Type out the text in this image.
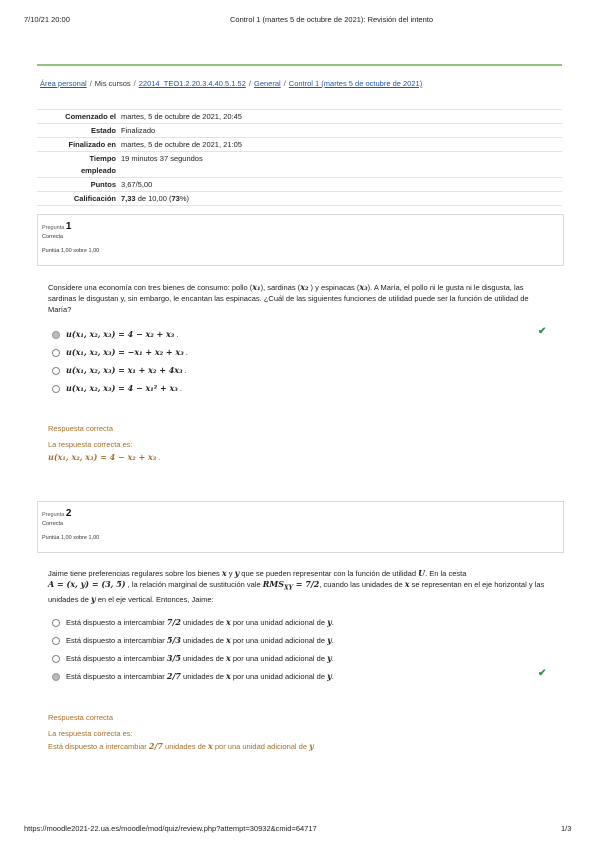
7/10/21 20:00	Control 1 (martes 5 de octubre de 2021): Revisión del intento
Área personal / Mis cursos / 22014_TEO1.2.20.3.4.40.5.1.52 / General / Control 1 (martes 5 de octubre de 2021)
Comenzado el martes, 5 de octubre de 2021, 20:45
Estado Finalizado
Finalizado en martes, 5 de octubre de 2021, 21:05
Tiempo
empleado
19 minutos 37 segundos
Puntos 3,67/5,00
Calificación 7,33 de 10,00 (73%)
Pregunta 1
Correcta
Puntúa 1,00 sobre 1,00
Considere una economía con tres bienes de consumo: pollo (x₁), sardinas (x₂ ) y espinacas (x₃). A María, el pollo ni le gusta ni le disgusta, las sardinas le disgustan y, sin embargo, le encantan las espinacas. ¿Cuál de las siguientes funciones de utilidad puede ser la función de utilidad de María?
u(x₁, x₂, x₃) = 4 − x₂ + x₃ .	✔
u(x₁, x₂, x₃) = −x₁ + x₂ + x₃ .
u(x₁, x₂, x₃) = x₁ + x₂ + 4x₃ .
u(x₁, x₂, x₃) = 4 − x₁² + x₃ .
Respuesta correcta
La respuesta correcta es:
u(x₁, x₂, x₃) = 4 − x₂ + x₃ .
Pregunta 2
Correcta
Puntúa 1,00 sobre 1,00
Jaime tiene preferencias regulares sobre los bienes x y y que se pueden representar con la función de utilidad U. En la cesta
A = (x, y) = (3, 5) , la relación marginal de sustitución vale $RMS_{XY} = 7/2$, cuando las unidades de x se representan en el eje horizontal y las unidades de y en el eje vertical. Entonces, Jaime:
Está dispuesto a intercambiar 7/2 unidades de x por una unidad adicional de y.
Está dispuesto a intercambiar 5/3 unidades de x por una unidad adicional de y.
Está dispuesto a intercambiar 3/5 unidades de x por una unidad adicional de y.
Está dispuesto a intercambiar 2/7 unidades de x por una unidad adicional de y.	✔
Respuesta correcta
La respuesta correcta es:
Está dispuesto a intercambiar 2/7 unidades de x por una unidad adicional de y
https://moodle2021-22.ua.es/moodle/mod/quiz/review.php?attempt=30932&cmid=64717	1/3
